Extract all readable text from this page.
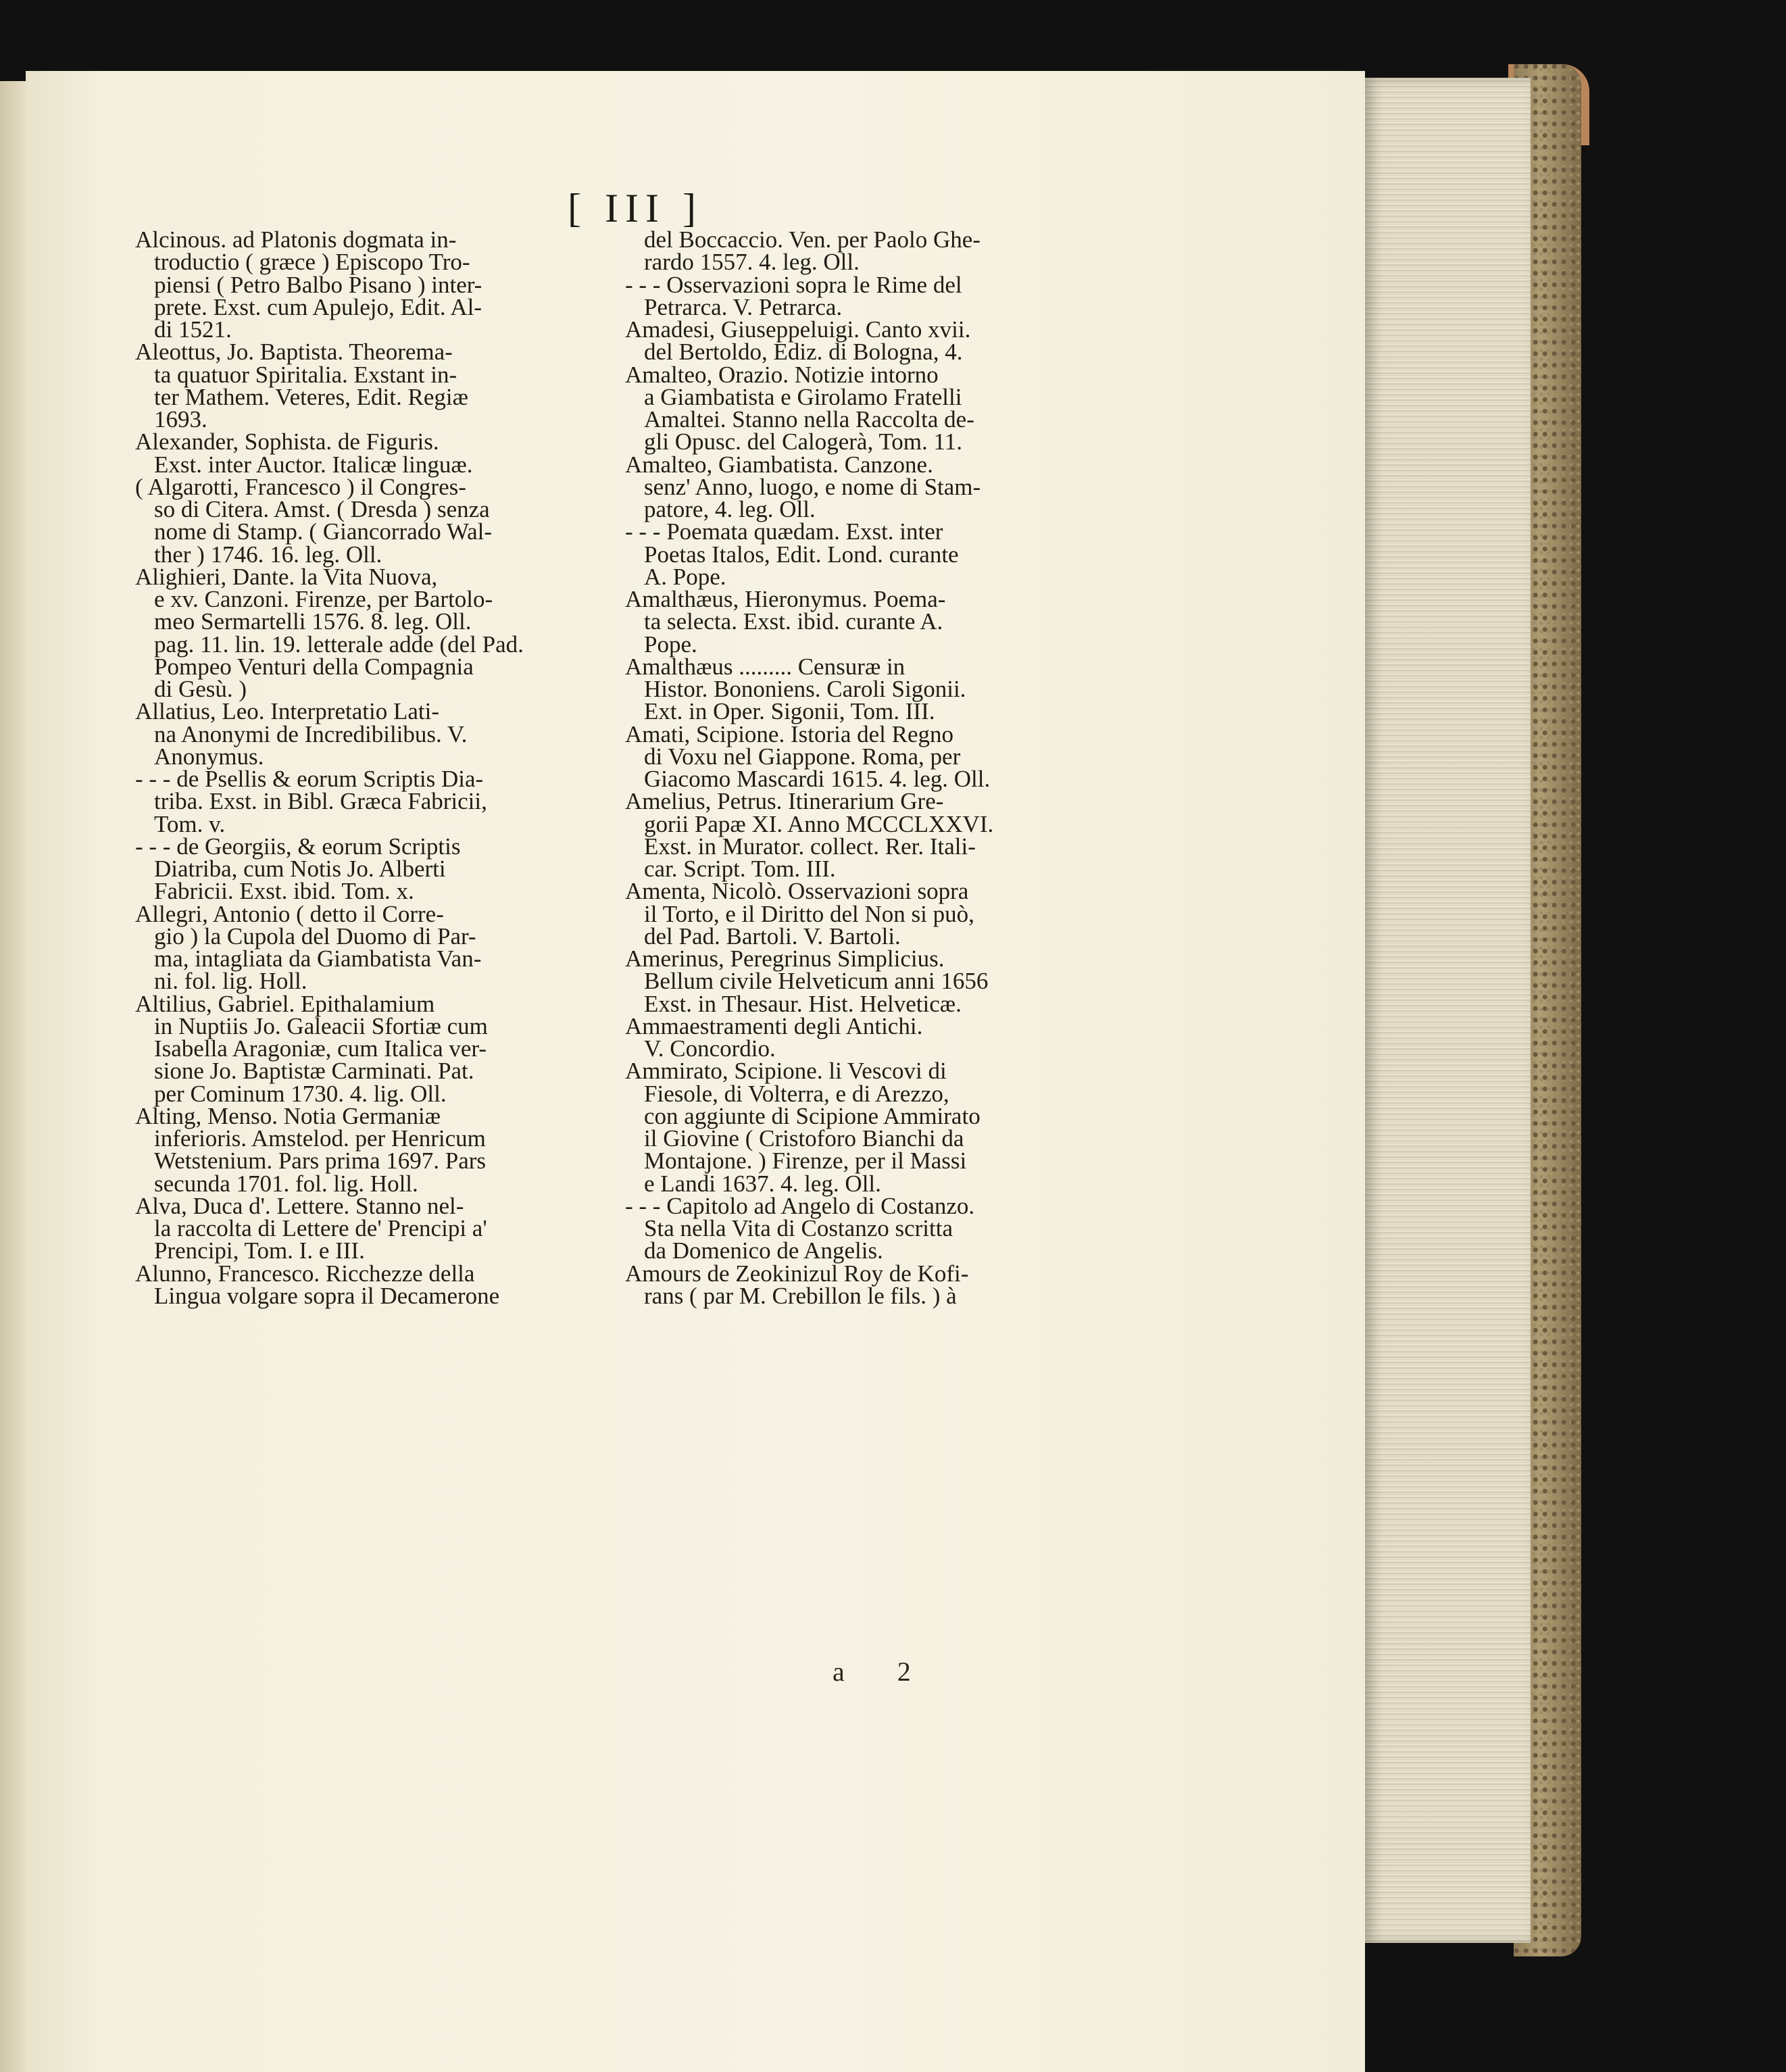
[ III ]
Alcinous. ad Platonis dogmata in-
troductio ( græce ) Episcopo Tro-
piensi ( Petro Balbo Pisano ) inter-
prete. Exst. cum Apulejo, Edit. Al-
di 1521.
Aleottus, Jo. Baptista. Theorema-
ta quatuor Spiritalia. Exstant in-
ter Mathem. Veteres, Edit. Regiæ
1693.
Alexander, Sophista. de Figuris.
Exst. inter Auctor. Italicæ linguæ.
( Algarotti, Francesco ) il Congres-
so di Citera. Amst. ( Dresda ) senza
nome di Stamp. ( Giancorrado Wal-
ther ) 1746. 16. leg. Oll.
Alighieri, Dante. la Vita Nuova,
e xv. Canzoni. Firenze, per Bartolo-
meo Sermartelli 1576. 8. leg. Oll.
pag. 11. lin. 19. letterale adde (del Pad.
Pompeo Venturi della Compagnia
di Gesù. )
Allatius, Leo. Interpretatio Lati-
na Anonymi de Incredibilibus. V.
Anonymus.
- - - de Psellis & eorum Scriptis Dia-
triba. Exst. in Bibl. Græca Fabricii,
Tom. v.
- - - de Georgiis, & eorum Scriptis
Diatriba, cum Notis Jo. Alberti
Fabricii. Exst. ibid. Tom. x.
Allegri, Antonio ( detto il Corre-
gio ) la Cupola del Duomo di Par-
ma, intagliata da Giambatista Van-
ni. fol. lig. Holl.
Altilius, Gabriel. Epithalamium
in Nuptiis Jo. Galeacii Sfortiæ cum
Isabella Aragoniæ, cum Italica ver-
sione Jo. Baptistæ Carminati. Pat.
per Cominum 1730. 4. lig. Oll.
Alting, Menso. Notia Germaniæ
inferioris. Amstelod. per Henricum
Wetstenium. Pars prima 1697. Pars
secunda 1701. fol. lig. Holl.
Alva, Duca d'. Lettere. Stanno nel-
la raccolta di Lettere de' Prencipi a'
Prencipi, Tom. I. e III.
Alunno, Francesco. Ricchezze della
Lingua volgare sopra il Decamerone
del Boccaccio. Ven. per Paolo Ghe-
rardo 1557. 4. leg. Oll.
- - - Osservazioni sopra le Rime del
Petrarca. V. Petrarca.
Amadesi, Giuseppeluigi. Canto xvii.
del Bertoldo, Ediz. di Bologna, 4.
Amalteo, Orazio. Notizie intorno
a Giambatista e Girolamo Fratelli
Amaltei. Stanno nella Raccolta de-
gli Opusc. del Calogerà, Tom. 11.
Amalteo, Giambatista. Canzone.
senz' Anno, luogo, e nome di Stam-
patore, 4. leg. Oll.
- - - Poemata quædam. Exst. inter
Poetas Italos, Edit. Lond. curante
A. Pope.
Amalthæus, Hieronymus. Poema-
ta selecta. Exst. ibid. curante A.
Pope.
Amalthæus ......... Censuræ in
Histor. Bononiens. Caroli Sigonii.
Ext. in Oper. Sigonii, Tom. III.
Amati, Scipione. Istoria del Regno
di Voxu nel Giappone. Roma, per
Giacomo Mascardi 1615. 4. leg. Oll.
Amelius, Petrus. Itinerarium Gre-
gorii Papæ XI. Anno MCCCLXXVI.
Exst. in Murator. collect. Rer. Itali-
car. Script. Tom. III.
Amenta, Nicolò. Osservazioni sopra
il Torto, e il Diritto del Non si può,
del Pad. Bartoli. V. Bartoli.
Amerinus, Peregrinus Simplicius.
Bellum civile Helveticum anni 1656
Exst. in Thesaur. Hist. Helveticæ.
Ammaestramenti degli Antichi.
V. Concordio.
Ammirato, Scipione. li Vescovi di
Fiesole, di Volterra, e di Arezzo,
con aggiunte di Scipione Ammirato
il Giovine ( Cristoforo Bianchi da
Montajone. ) Firenze, per il Massi
e Landi 1637. 4. leg. Oll.
- - - Capitolo ad Angelo di Costanzo.
Sta nella Vita di Costanzo scritta
da Domenico de Angelis.
Amours de Zeokinizul Roy de Kofi-
rans ( par M. Crebillon le fils. ) à
a 2
